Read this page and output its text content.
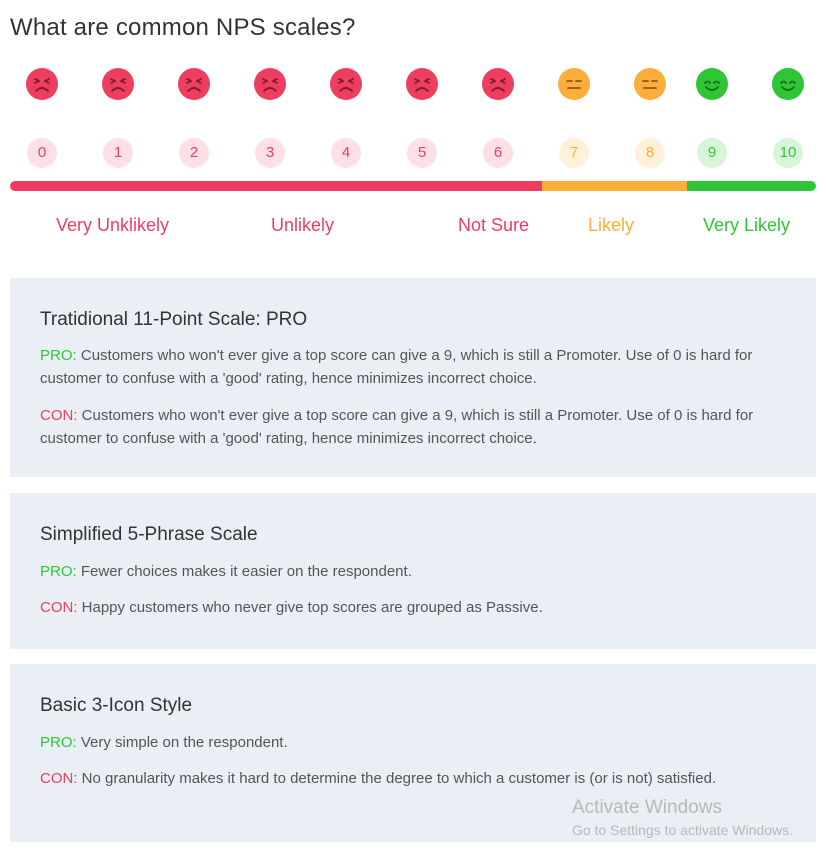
What are common NPS scales?
0	1	2	3	4	5	6	7	8	9	10
Very Unklikely	Unlikely	Not Sure	Likely	Very Likely
Tratidional 11-Point Scale: PRO

PRO: Customers who won't ever give a top score can give a 9, which is still a Promoter. Use of 0 is hard for customer to confuse with a 'good' rating, hence minimizes incorrect choice.

CON: Customers who won't ever give a top score can give a 9, which is still a Promoter. Use of 0 is hard for customer to confuse with a 'good' rating, hence minimizes incorrect choice.

Simplified 5-Phrase Scale

PRO: Fewer choices makes it easier on the respondent.

CON: Happy customers who never give top scores are grouped as Passive.

Basic 3-Icon Style

PRO: Very simple on the respondent.

CON: No granularity makes it hard to determine the degree to which a customer is (or is not) satisfied.

Activate Windows
Go to Settings to activate Windows.
